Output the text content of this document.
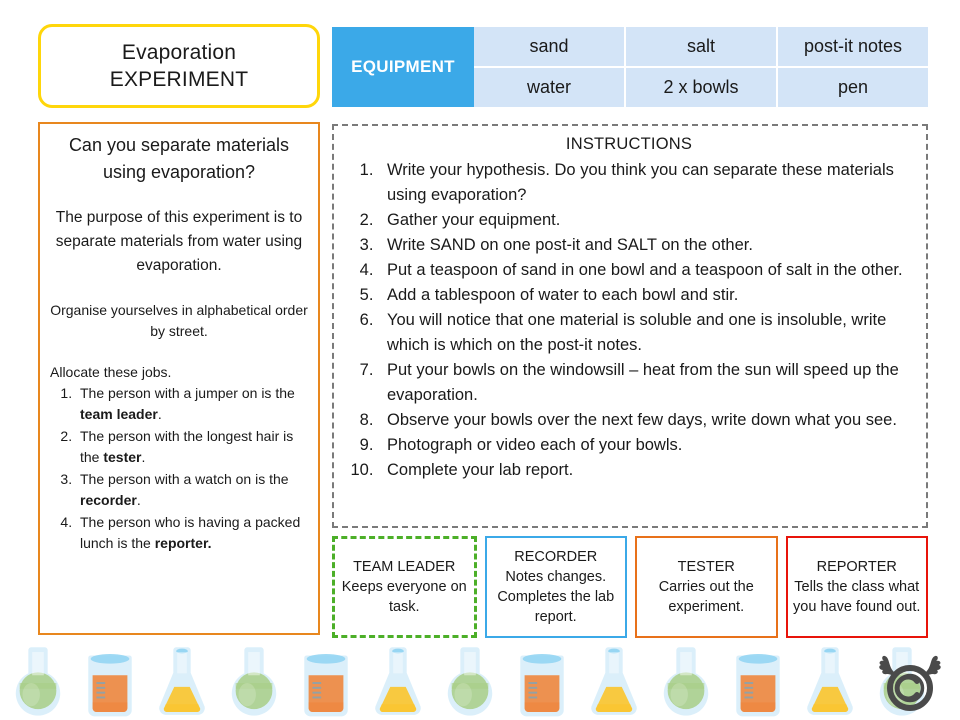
Evaporation
EXPERIMENT
EQUIPMENT
sand	salt	post-it notes
water	2 x bowls	pen
Can you separate materials using evaporation?
The purpose of this experiment is to separate materials from water using evaporation.
Organise yourselves in alphabetical order by street.
Allocate these jobs.
1. The person with a jumper on is the team leader.
2. The person with the longest hair is the tester.
3. The person with a watch on is the recorder.
4. The person who is having a packed lunch is the reporter.
INSTRUCTIONS
1. Write your hypothesis. Do you think you can separate these materials using evaporation?
2. Gather your equipment.
3. Write SAND on one post-it and SALT on the other.
4. Put a teaspoon of sand in one bowl and a teaspoon of salt in the other.
5. Add a tablespoon of water to each bowl and stir.
6. You will notice that one material is soluble and one is insoluble, write which is which on the post-it notes.
7. Put your bowls on the windowsill – heat from the sun will speed up the evaporation.
8. Observe your bowls over the next few days, write down what you see.
9. Photograph or video each of your bowls.
10. Complete your lab report.
TEAM LEADER
Keeps everyone on task.
RECORDER
Notes changes. Completes the lab report.
TESTER
Carries out the experiment.
REPORTER
Tells the class what you have found out.
